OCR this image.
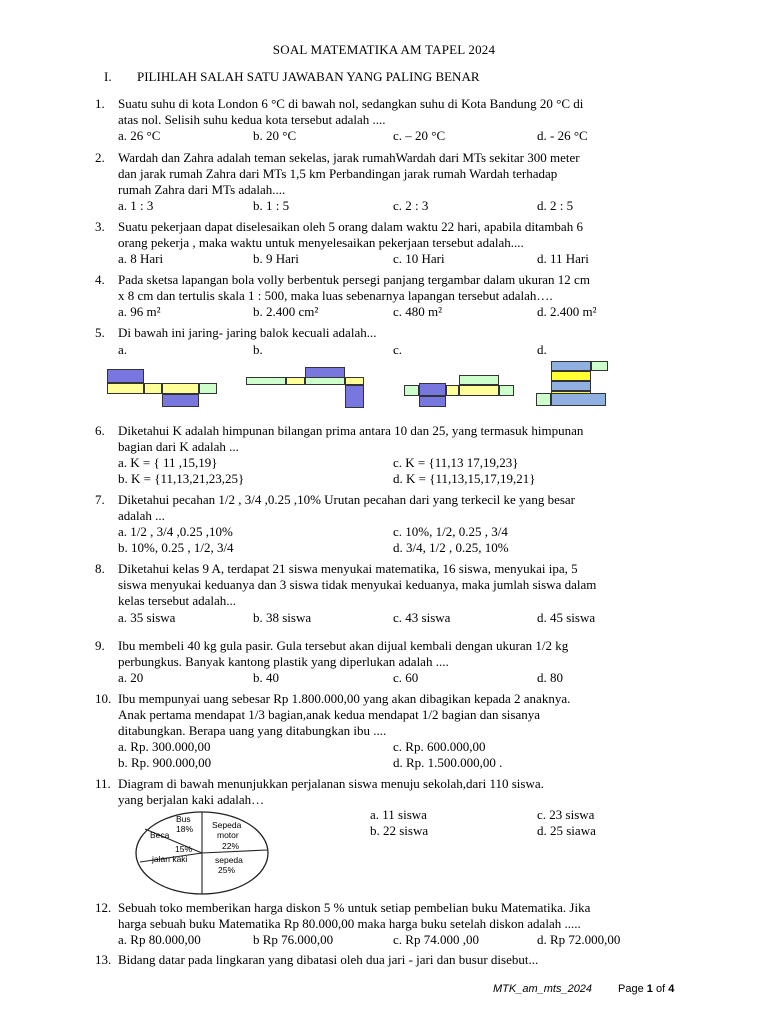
SOAL MATEMATIKA AM TAPEL 2024
I. PILIHLAH SALAH SATU JAWABAN YANG PALING BENAR
1. Suatu suhu di kota London 6 °C di bawah nol, sedangkan suhu di Kota Bandung 20 °C di
atas nol. Selisih suhu kedua kota tersebut adalah ....
a. 26 °C	b. 20 °C	c. – 20 °C	d. - 26 °C
2. Wardah dan Zahra adalah teman sekelas, jarak rumahWardah dari MTs sekitar 300 meter
dan jarak rumah Zahra dari MTs 1,5 km Perbandingan jarak rumah Wardah terhadap
rumah Zahra dari MTs adalah....
a. 1 : 3	b. 1 : 5	c. 2 : 3	d. 2 : 5
3. Suatu pekerjaan dapat diselesaikan oleh 5 orang dalam waktu 22 hari, apabila ditambah 6
orang pekerja , maka waktu untuk menyelesaikan pekerjaan tersebut adalah....
a. 8 Hari	b. 9 Hari	c. 10 Hari	d. 11 Hari
4. Pada sketsa lapangan bola volly berbentuk persegi panjang tergambar dalam ukuran 12 cm
x 8 cm dan tertulis skala 1 : 500, maka luas sebenarnya lapangan tersebut adalah….
a. 96 m²	b. 2.400 cm²	c. 480 m²	d. 2.400 m²
5. Di bawah ini jaring- jaring balok kecuali adalah...
a.	b.	c.	d.
6. Diketahui K adalah himpunan bilangan prima antara 10 dan 25, yang termasuk himpunan
bagian dari K adalah ...
a. K = { 11 ,15,19}
b. K = {11,13,21,23,25}
c. K = {11,13 17,19,23}
d. K = {11,13,15,17,19,21}
7. Diketahui pecahan 1/2 , 3/4 ,0.25 ,10% Urutan pecahan dari yang terkecil ke yang besar
adalah ...
a. 1/2 , 3/4 ,0.25 ,10%
b. 10%, 0.25 , 1/2, 3/4
c. 10%, 1/2, 0.25 , 3/4
d. 3/4, 1/2 , 0.25, 10%
8. Diketahui kelas 9 A, terdapat 21 siswa menyukai matematika, 16 siswa, menyukai ipa, 5
siswa menyukai keduanya dan 3 siswa tidak menyukai keduanya, maka jumlah siswa dalam
kelas tersebut adalah...
a. 35 siswa	b. 38 siswa	c. 43 siswa	d. 45 siswa
9. Ibu membeli 40 kg gula pasir. Gula tersebut akan dijual kembali dengan ukuran 1/2 kg
perbungkus. Banyak kantong plastik yang diperlukan adalah ....
a. 20	b. 40	c. 60	d. 80
10. Ibu mempunyai uang sebesar Rp 1.800.000,00 yang akan dibagikan kepada 2 anaknya.
Anak pertama mendapat 1/3 bagian,anak kedua mendapat 1/2 bagian dan sisanya
ditabungkan. Berapa uang yang ditabungkan ibu ....
a. Rp. 300.000,00
b. Rp. 900.000,00
c. Rp. 600.000,00
d. Rp. 1.500.000,00 .
11. Diagram di bawah menunjukkan perjalanan siswa menuju sekolah,dari 110 siswa.
yang berjalan kaki adalah…
a. 11 siswa
b. 22 siswa
c. 23 siswa
d. 25 siawa
Bus
18% Sepeda
motor
22%
Beca
15%
jalan kaki	sepeda
25%
12. Sebuah toko memberikan harga diskon 5 % untuk setiap pembelian buku Matematika. Jika
harga sebuah buku Matematika Rp 80.000,00 maka harga buku setelah diskon adalah .....
a. Rp 80.000,00	b Rp 76.000,00	c. Rp 74.000 ,00	d. Rp 72.000,00
13. Bidang datar pada lingkaran yang dibatasi oleh dua jari - jari dan busur disebut...
MTK_am_mts_2024 Page 1 of 4
